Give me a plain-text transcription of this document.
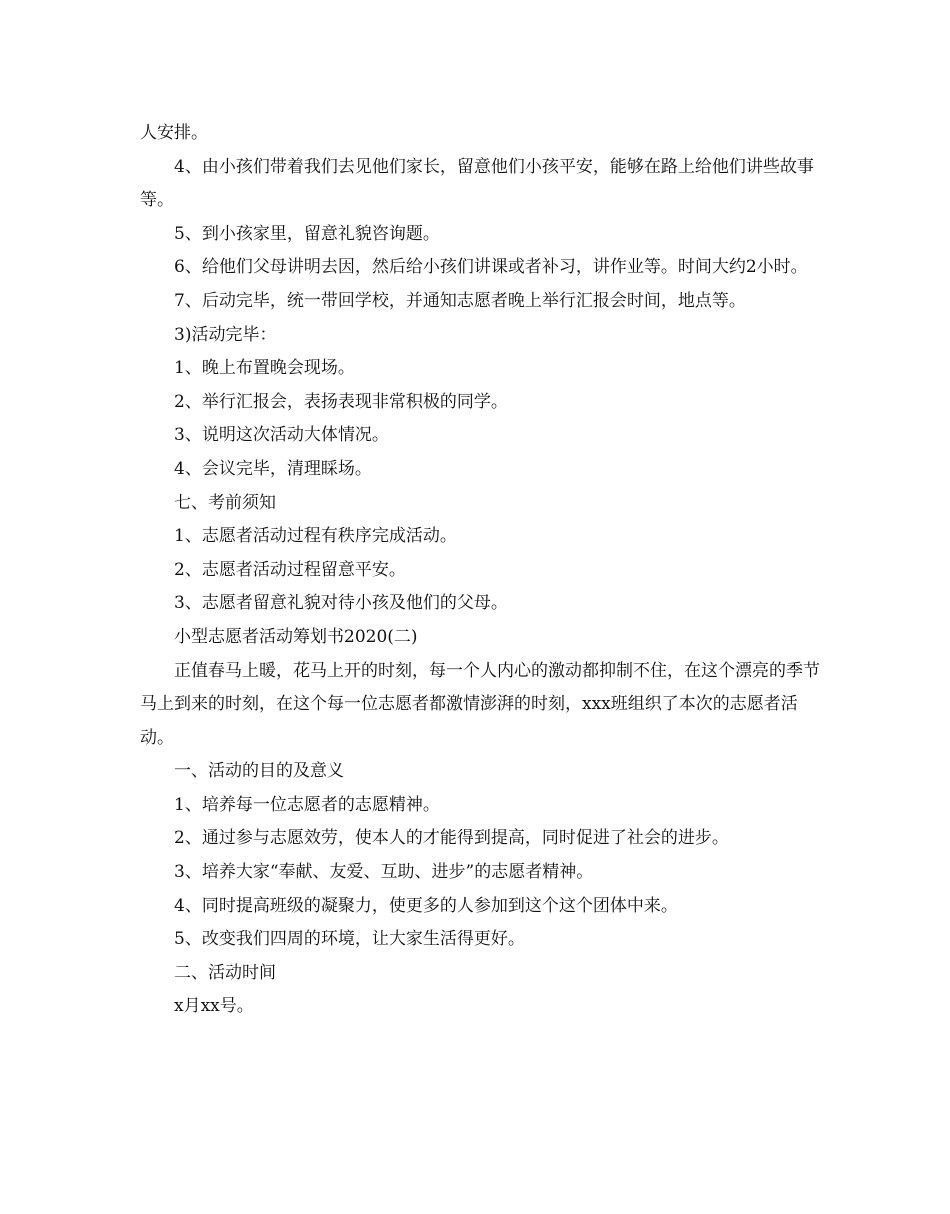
人安排。

4、由小孩们带着我们去见他们家长，留意他们小孩平安，能够在路上给他们讲些故事等。

5、到小孩家里，留意礼貌咨询题。

6、给他们父母讲明去因，然后给小孩们讲课或者补习，讲作业等。时间大约2小时。

7、后动完毕，统一带回学校，并通知志愿者晚上举行汇报会时间，地点等。

3)活动完毕：

1、晚上布置晚会现场。

2、举行汇报会，表扬表现非常积极的同学。

3、说明这次活动大体情况。

4、会议完毕，清理睬场。

七、考前须知

1、志愿者活动过程有秩序完成活动。

2、志愿者活动过程留意平安。

3、志愿者留意礼貌对待小孩及他们的父母。

小型志愿者活动筹划书2020(二)

正值春马上暖，花马上开的时刻，每一个人内心的激动都抑制不住，在这个漂亮的季节马上到来的时刻，在这个每一位志愿者都激情澎湃的时刻，xxx班组织了本次的志愿者活动。

一、活动的目的及意义

1、培养每一位志愿者的志愿精神。

2、通过参与志愿效劳，使本人的才能得到提高，同时促进了社会的进步。

3、培养大家“奉献、友爱、互助、进步”的志愿者精神。

4、同时提高班级的凝聚力，使更多的人参加到这个这个团体中来。

5、改变我们四周的环境，让大家生活得更好。

二、活动时间

x月xx号。
